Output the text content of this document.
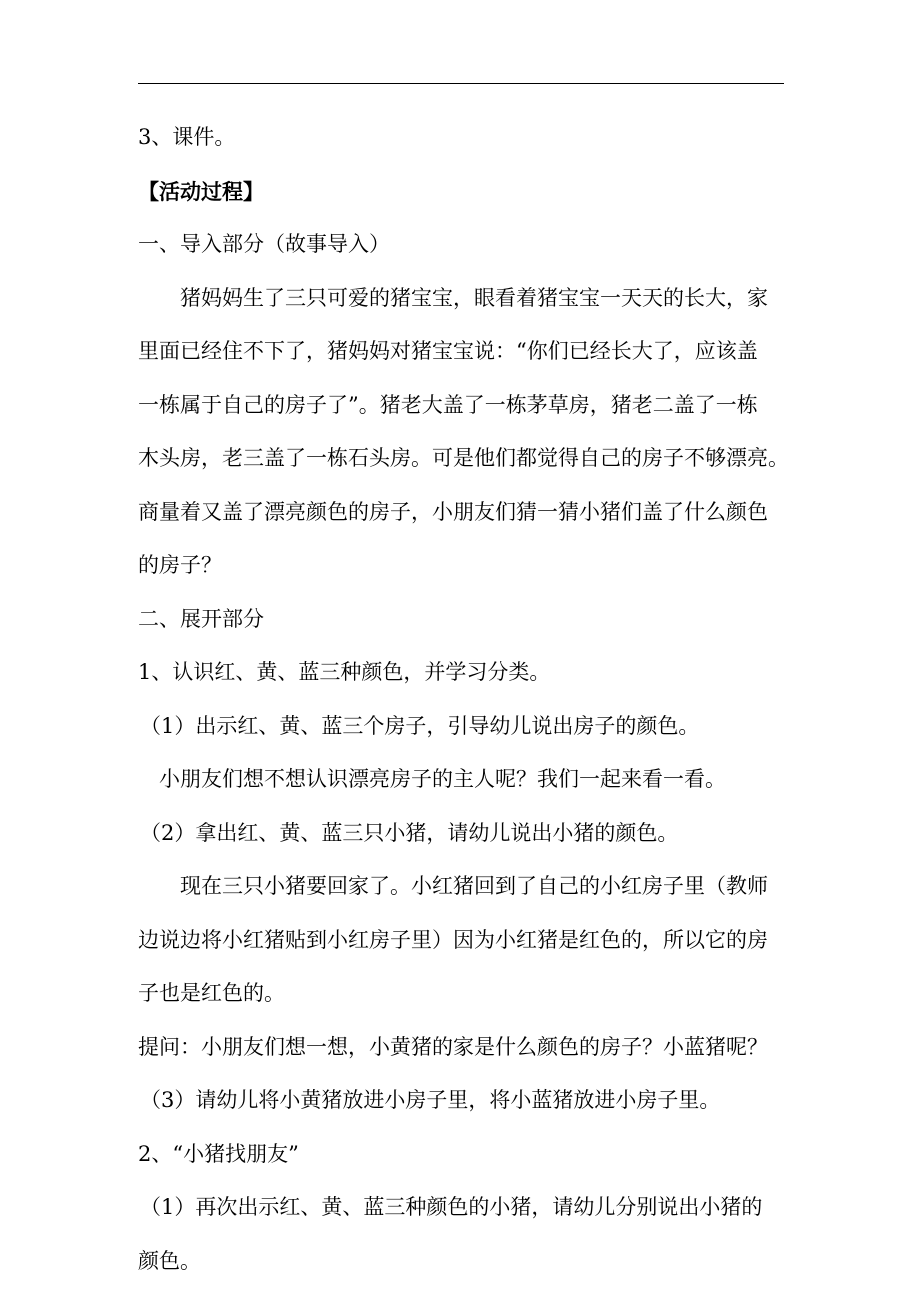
3、课件。
【活动过程】
一、导入部分（故事导入）
猪妈妈生了三只可爱的猪宝宝，眼看着猪宝宝一天天的长大，家
里面已经住不下了，猪妈妈对猪宝宝说：“你们已经长大了，应该盖
一栋属于自己的房子了”。猪老大盖了一栋茅草房，猪老二盖了一栋
木头房，老三盖了一栋石头房。可是他们都觉得自己的房子不够漂亮。
商量着又盖了漂亮颜色的房子，小朋友们猜一猜小猪们盖了什么颜色
的房子？
二、展开部分
1、认识红、黄、蓝三种颜色，并学习分类。
（1）出示红、黄、蓝三个房子，引导幼儿说出房子的颜色。
小朋友们想不想认识漂亮房子的主人呢？我们一起来看一看。
（2）拿出红、黄、蓝三只小猪，请幼儿说出小猪的颜色。
现在三只小猪要回家了。小红猪回到了自己的小红房子里（教师
边说边将小红猪贴到小红房子里）因为小红猪是红色的，所以它的房
子也是红色的。
提问：小朋友们想一想，小黄猪的家是什么颜色的房子？小蓝猪呢？
（3）请幼儿将小黄猪放进小房子里，将小蓝猪放进小房子里。
2、“小猪找朋友”
（1）再次出示红、黄、蓝三种颜色的小猪，请幼儿分别说出小猪的
颜色。
